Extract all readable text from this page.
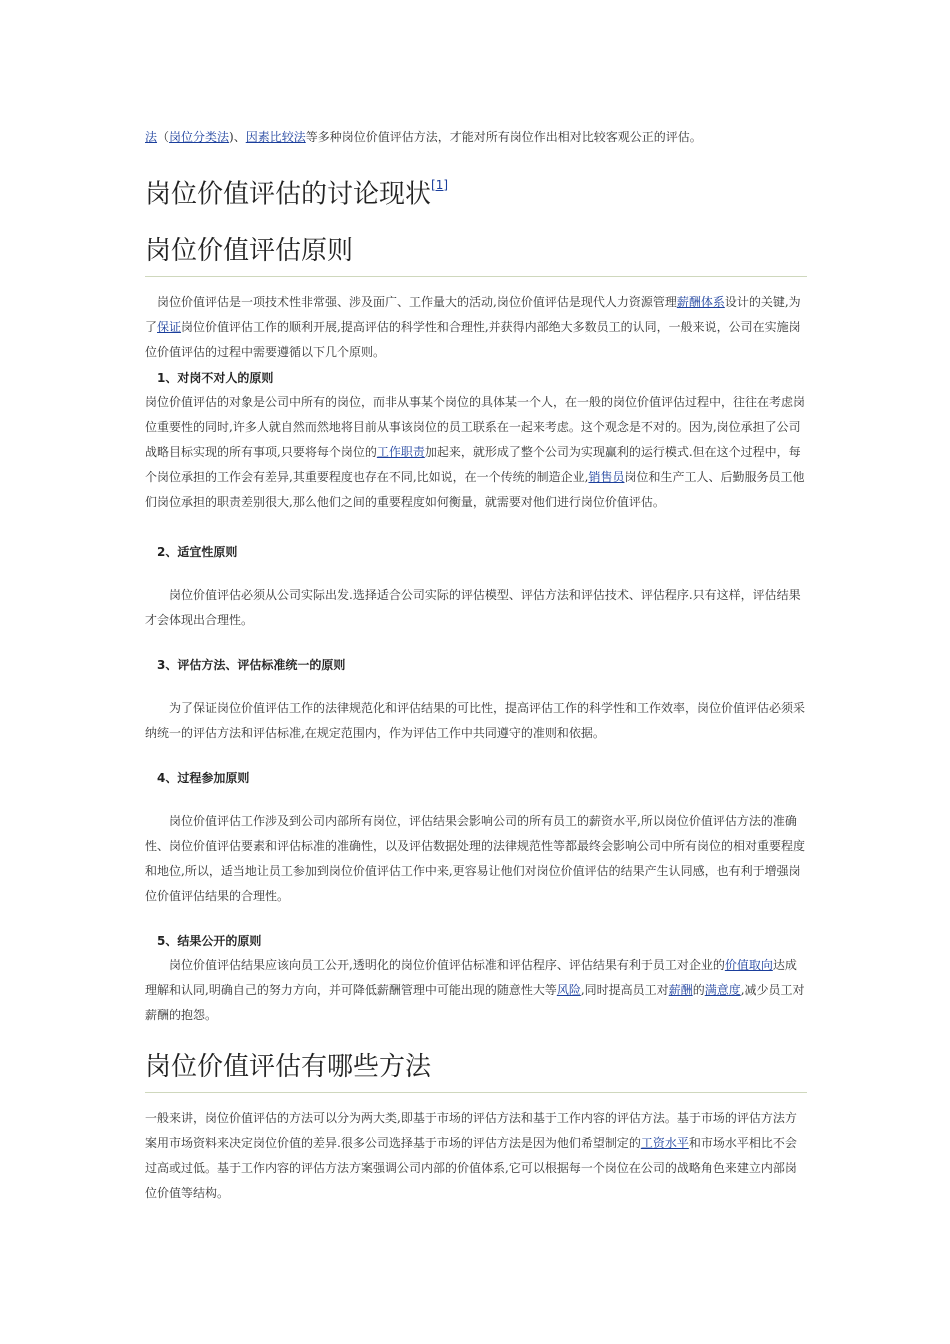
法（岗位分类法)、因素比较法等多种岗位价值评估方法，才能对所有岗位作出相对比较客观公正的评估。

岗位价值评估的讨论现状[1]
岗位价值评估原则

岗位价值评估是一项技术性非常强、涉及面广、工作量大的活动,岗位价值评估是现代人力资源管理薪酬体系设计的关键,为了保证岗位价值评估工作的顺利开展,提高评估的科学性和合理性,并获得内部绝大多数员工的认同，一般来说，公司在实施岗位价值评估的过程中需要遵循以下几个原则。

1、对岗不对人的原则

岗位价值评估的对象是公司中所有的岗位，而非从事某个岗位的具体某一个人，在一般的岗位价值评估过程中，往往在考虑岗位重要性的同时,许多人就自然而然地将目前从事该岗位的员工联系在一起来考虑。这个观念是不对的。因为,岗位承担了公司战略目标实现的所有事项,只要将每个岗位的工作职责加起来，就形成了整个公司为实现赢利的运行模式.但在这个过程中，每个岗位承担的工作会有差异,其重要程度也存在不同,比如说，在一个传统的制造企业,销售员岗位和生产工人、后勤服务员工他们岗位承担的职责差别很大,那么他们之间的重要程度如何衡量，就需要对他们进行岗位价值评估。

2、适宜性原则

岗位价值评估必须从公司实际出发.选择适合公司实际的评估模型、评估方法和评估技术、评估程序.只有这样，评估结果才会体现出合理性。

3、评估方法、评估标准统一的原则

为了保证岗位价值评估工作的法律规范化和评估结果的可比性，提高评估工作的科学性和工作效率，岗位价值评估必须采纳统一的评估方法和评估标准,在规定范围内，作为评估工作中共同遵守的准则和依据。

4、过程参加原则

岗位价值评估工作涉及到公司内部所有岗位，评估结果会影响公司的所有员工的薪资水平,所以岗位价值评估方法的准确性、岗位价值评估要素和评估标准的准确性，以及评估数据处理的法律规范性等都最终会影响公司中所有岗位的相对重要程度和地位,所以，适当地让员工参加到岗位价值评估工作中来,更容易让他们对岗位价值评估的结果产生认同感，也有利于增强岗位价值评估结果的合理性。

5、结果公开的原则

岗位价值评估结果应该向员工公开,透明化的岗位价值评估标准和评估程序、评估结果有利于员工对企业的价值取向达成理解和认同,明确自己的努力方向，并可降低薪酬管理中可能出现的随意性大等风险,同时提高员工对薪酬的满意度,减少员工对薪酬的抱怨。

岗位价值评估有哪些方法

一般来讲，岗位价值评估的方法可以分为两大类,即基于市场的评估方法和基于工作内容的评估方法。基于市场的评估方法方案用市场资料来决定岗位价值的差异.很多公司选择基于市场的评估方法是因为他们希望制定的工资水平和市场水平相比不会过高或过低。基于工作内容的评估方法方案强调公司内部的价值体系,它可以根据每一个岗位在公司的战略角色来建立内部岗位价值等结构。
